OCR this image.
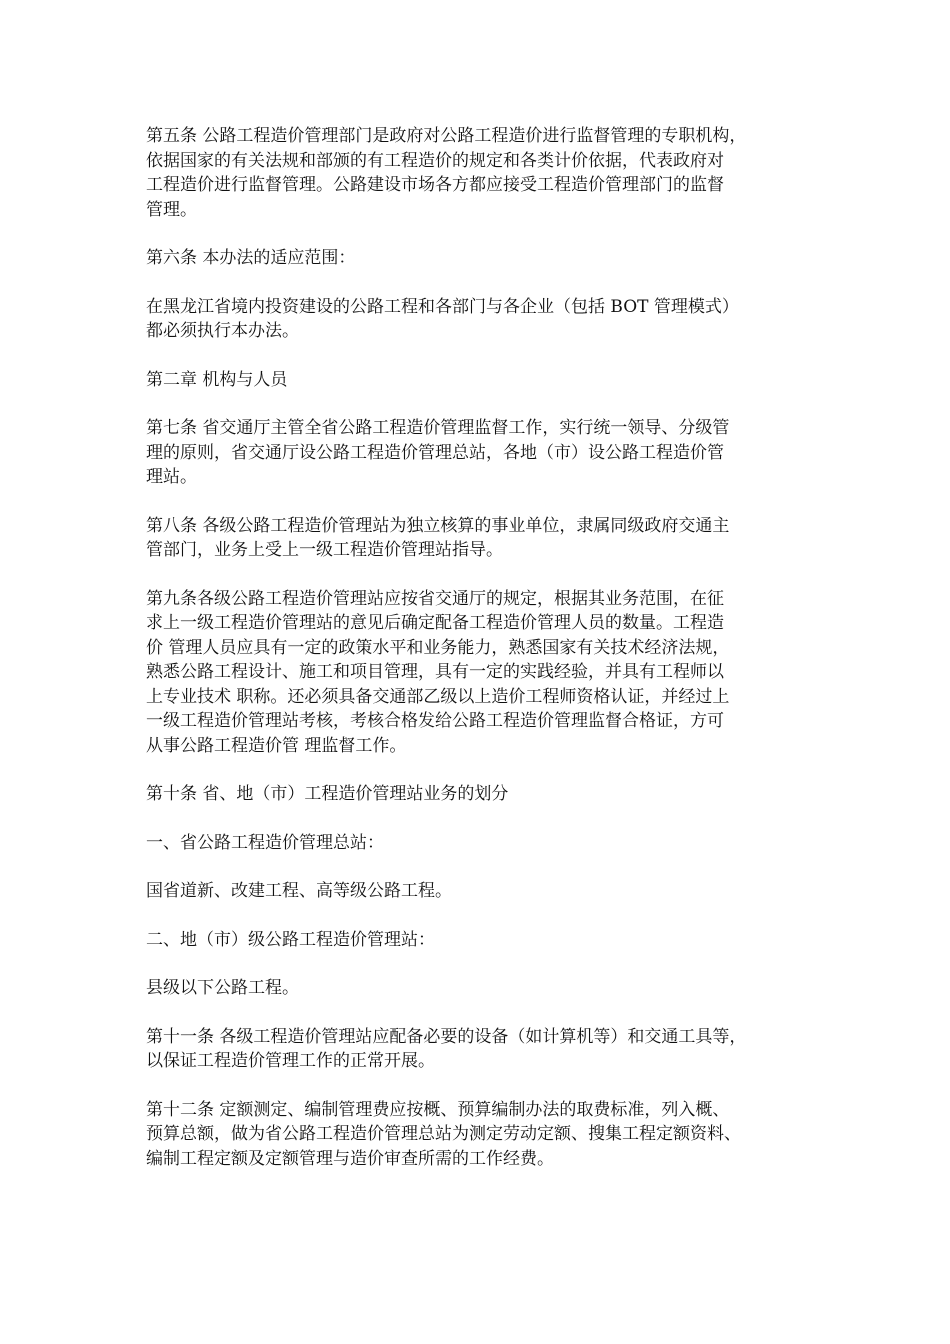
第五条 公路工程造价管理部门是政府对公路工程造价进行监督管理的专职机构，
依据国家的有关法规和部颁的有工程造价的规定和各类计价依据，代表政府对
工程造价进行监督管理。公路建设市场各方都应接受工程造价管理部门的监督
管理。

第六条 本办法的适应范围：

在黑龙江省境内投资建设的公路工程和各部门与各企业（包括 BOT 管理模式）
都必须执行本办法。

第二章 机构与人员

第七条 省交通厅主管全省公路工程造价管理监督工作，实行统一领导、分级管
理的原则，省交通厅设公路工程造价管理总站，各地（市）设公路工程造价管
理站。

第八条 各级公路工程造价管理站为独立核算的事业单位，隶属同级政府交通主
管部门，业务上受上一级工程造价管理站指导。

第九条各级公路工程造价管理站应按省交通厅的规定，根据其业务范围，在征
求上一级工程造价管理站的意见后确定配备工程造价管理人员的数量。工程造
价 管理人员应具有一定的政策水平和业务能力，熟悉国家有关技术经济法规，
熟悉公路工程设计、施工和项目管理，具有一定的实践经验，并具有工程师以
上专业技术 职称。还必须具备交通部乙级以上造价工程师资格认证，并经过上
一级工程造价管理站考核，考核合格发给公路工程造价管理监督合格证，方可
从事公路工程造价管 理监督工作。

第十条 省、地（市）工程造价管理站业务的划分

一、省公路工程造价管理总站：

国省道新、改建工程、高等级公路工程。

二、地（市）级公路工程造价管理站：

县级以下公路工程。

第十一条 各级工程造价管理站应配备必要的设备（如计算机等）和交通工具等，
以保证工程造价管理工作的正常开展。

第十二条 定额测定、编制管理费应按概、预算编制办法的取费标准，列入概、
预算总额，做为省公路工程造价管理总站为测定劳动定额、搜集工程定额资料、
编制工程定额及定额管理与造价审查所需的工作经费。
